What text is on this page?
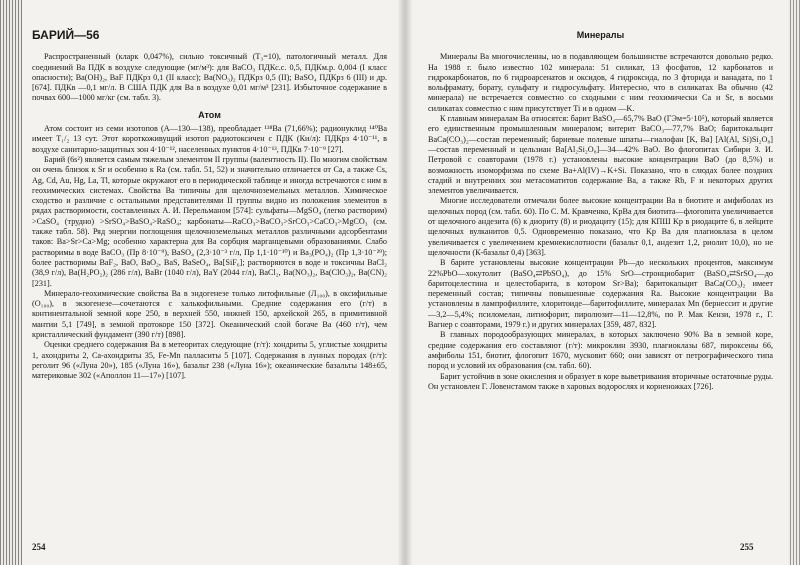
БАРИЙ—56

Распространенный (кларк 0,047%), сильно токсичный (Т₃=10), патологичный металл. Для соединений Ва ПДК в воздухе следующие (мг/м³): для ВаСО₃ ПДКс.с. 0,5, ПДКм.р. 0,004 (I класс опасности); Ва(ОН)₂, ВаF ПДКрз 0,1 (II класс); Ва(NO₃)₂ ПДКрз 0,5 (II); BaSO₄ ПДКрз 6 (III) и др. [674]. ПДКв —0,1 мг/л. В США ПДК для Ва в воздухе 0,01 мг/м³ [231]. Избыточное содержание в почвах 600—1000 мг/кг (см. табл. 3).

Атом

Атом состоит из семи изотопов (A—130—138), преобладает ¹³⁸Ва (71,66%); радионуклид ¹⁴⁰Ва имеет T₁/₂ 13 сут. Этот короткоживущий изотоп радиотоксичен с ПДК (Ки/л): ПДКрз 4·10⁻¹¹, в воздухе санитарно-защитных зон 4·10⁻¹², населенных пунктов 4·10⁻¹³, ПДКв 7·10⁻⁹ [27].

Барий (6s²) является самым тяжелым элементом II группы (валентность II). По многим свойствам он очень близок к Sr и особенно к Ra (см. табл. 51, 52) и значительно отличается от Са, а также Cs, Ag, Cd, Au, Hg, La, Tl, которые окружают его в периодической таблице и иногда встречаются с ним в геохимических системах. Свойства Ва типичны для щелочноземельных металлов. Химическое сходство и различие с остальными представителями II группы видно из положения элементов в рядах растворимости, составленных А. И. Перельманом [574]: сульфаты—MgSO₄ (легко растворим) >CaSO₄ (трудно) >SrSO₄>BaSO₄>RaSO₄; карбонаты—RaCO₃>BaCO₃>SrCO₃>CaCO₃>MgCO₃ (см. также табл. 58). Ряд энергии поглощения щелочноземельных металлов различными адсорбентами таков: Ва>Sr>Са>Mg; особенно характерна для Ва сорбция марганцевыми образованиями. Слабо растворимы в воде BaCO₃ (Пр 8·10⁻⁹), BaSO₄ (2,3·10⁻³ г/л, Пр 1,1·10⁻¹⁰) и Ba₃(PO₄)₂ (Пр 1,3·10⁻²⁹); более растворимы BaF₂, BaO, BaO₂, BaS, BaSeO₄, Ba[SiF₆]; растворяются в воде и токсичны BaCl₂ (38,9 г/л), Ba(H₂PO₂)₂ (286 г/л), BaBr (1040 г/л), BaY (2044 г/л), BaCl₂, Ba(NO₃)₂, Ba(ClO₃)₂, Ba(CN)₂ [231].

Минерало-геохимические свойства Ва в эндогенезе только литофильные (Л₁₀₀), в оксифильные (О₁₀₀), в экзогенезе—сочетаются с халькофильными. Средние содержания его (г/т) в континентальной земной коре 250, в верхней 550, нижней 150, архейской 265, в примитивной мантии 5,1 [749], в земной протокоре 150 [372]. Океанический слой богаче Ва (460 г/т), чем кристаллический фундамент (390 г/т) [898].

Оценки среднего содержания Ва в метеоритах следующие (г/т): хондриты 5, углистые хондриты 1, ахондриты 2, Са-ахондриты 35, Fe-Mn палласиты 5 [107]. Содержания в лунных породах (г/т): реголит 96 («Луна 20»), 185 («Луна 16»), базальт 238 («Луна 16»); океанические базальты 148±65, материковые 302 («Аполлон 11—17») [107].

254
Минералы

Минералы Ва многочисленны, но в подавляющем большинстве встречаются довольно редко. На 1988 г. было известно 102 минерала: 51 силикат, 13 фосфатов, 12 карбонатов и гидрокарбонатов, по 6 гидроарсенатов и оксидов, 4 гидроксида, по 3 фторида и ванадата, по 1 вольфрамату, борату, сульфату и гидросульфату. Интересно, что в силикатах Ва обычно (42 минерала) не встречается совместно со сходными с ним геохимически Са и Sr, в восьми силикатах совместно с ним присутствует Ti и в одном —K.

К главным минералам Ва относятся: барит BaSO₄—65,7% BaO (ГЭм=5·10⁵), который является его единственным промышленным минералом; витерит BaCO₃—77,7% BaO; баритокальцит BaCa(CO₃)₂—состав переменный; бариевые полевые шпаты—гиалофан [K, Ba] [Al(Al, Si)Si₂O₈]—состав переменный и цельзиан Ba[Al₂Si₂O₈]—34—42% BaO. Во флогопитах Сибири З. И. Петровой с соавторами (1978 г.) установлены высокие концентрации BaO (до 8,5%) и возможность изоморфизма по схеме Ba+Al(IV)→K+Si. Показано, что в слюдах более поздних стадий и внутренних зон метасоматитов содержание Ва, а также Rb, F и некоторых других элементов увеличивается.

Многие исследователи отмечали более высокие концентрации Ва в биотите и амфиболах из щелочных пород (см. табл. 60). По С. М. Кравченко, KрВа для биотита—флогопита увеличивается от щелочного андезита (6) к диориту (8) и риодациту (15); для КПШ Kр в риодаците 6, в лейците щелочных вулканитов 0,5. Одновременно показано, что Kр Ва для плагиоклаза в целом увеличивается с увеличением кремнекислотности (базальт 0,1, андезит 1,2, риолит 10,0), но не щелочности (К-базальт 0,4) [363].

В барите установлены высокие концентрации Pb—до нескольких процентов, максимум 22%PbO—хокутолит (BaSO₄⇄PbSO₄), до 15% SrO—стронциобарит (BaSO₄⇄SrSO₄—до баритоцелестина и целестобарита, в котором Sr>Ba); баритокальцит BaCa(CO₃)₂ имеет переменный состав; типичны повышенные содержания Ra. Высокие концентрации Ва установлены в лампрофиллите, хлоритоиде—баритофиллите, минералах Mn (бернессит и другие—3,2—5,4%; псиломелан, литиофорит, пиролюзит—11—12,8%, по Р. Мак Кензи, 1978 г., Г. Вагнер с соавторами, 1979 г.) и других минералах [359, 487, 832].

В главных породообразующих минералах, в которых заключено 90% Ва в земной коре, средние содержания его составляют (г/т): микроклин 3930, плагиоклазы 687, пироксены 66, амфиболы 151, биотит, флогопит 1670, мусковит 660; они зависят от петрографического типа пород и условий их образования (см. табл. 60).

Барит устойчив в зоне окисления и образует в коре выветривания вторичные остаточные руды. Он установлен Г. Ловенстамом также в харовых водорослях и корненожках [726].

255
